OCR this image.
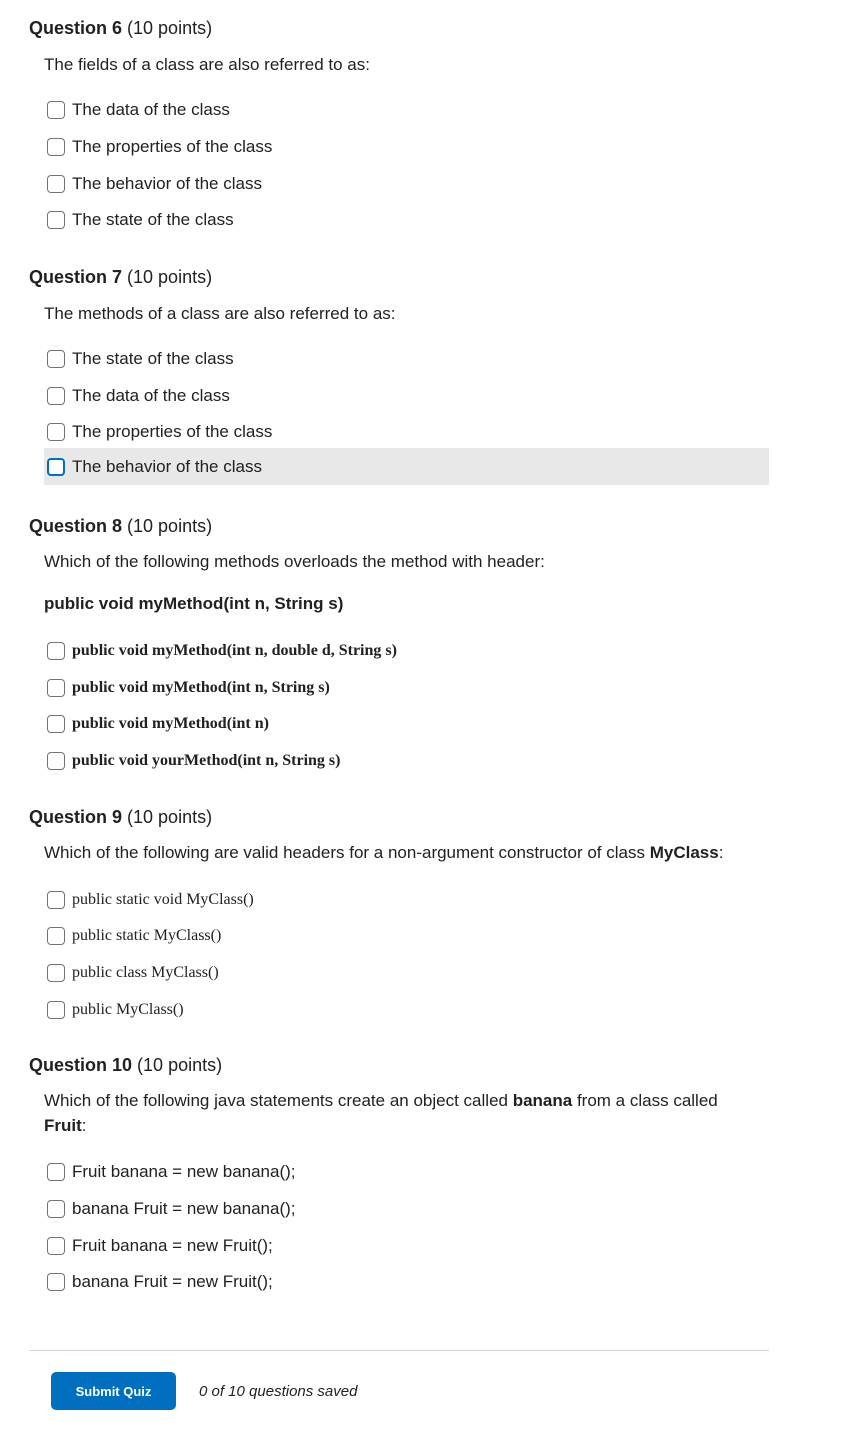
Question 6 (10 points)
The fields of a class are also referred to as:
The data of the class
The properties of the class
The behavior of the class
The state of the class
Question 7 (10 points)
The methods of a class are also referred to as:
The state of the class
The data of the class
The properties of the class
The behavior of the class
Question 8 (10 points)
Which of the following methods overloads the method with header:
public void myMethod(int n, String s)
public void myMethod(int n, double d, String s)
public void myMethod(int n, String s)
public void myMethod(int n)
public void yourMethod(int n, String s)
Question 9 (10 points)
Which of the following are valid headers for a non-argument constructor of class MyClass:
public static void MyClass()
public static MyClass()
public class MyClass()
public MyClass()
Question 10 (10 points)
Which of the following java statements create an object called banana from a class called Fruit:
Fruit banana = new banana();
banana Fruit = new banana();
Fruit banana = new Fruit();
banana Fruit = new Fruit();
Submit Quiz	0 of 10 questions saved
